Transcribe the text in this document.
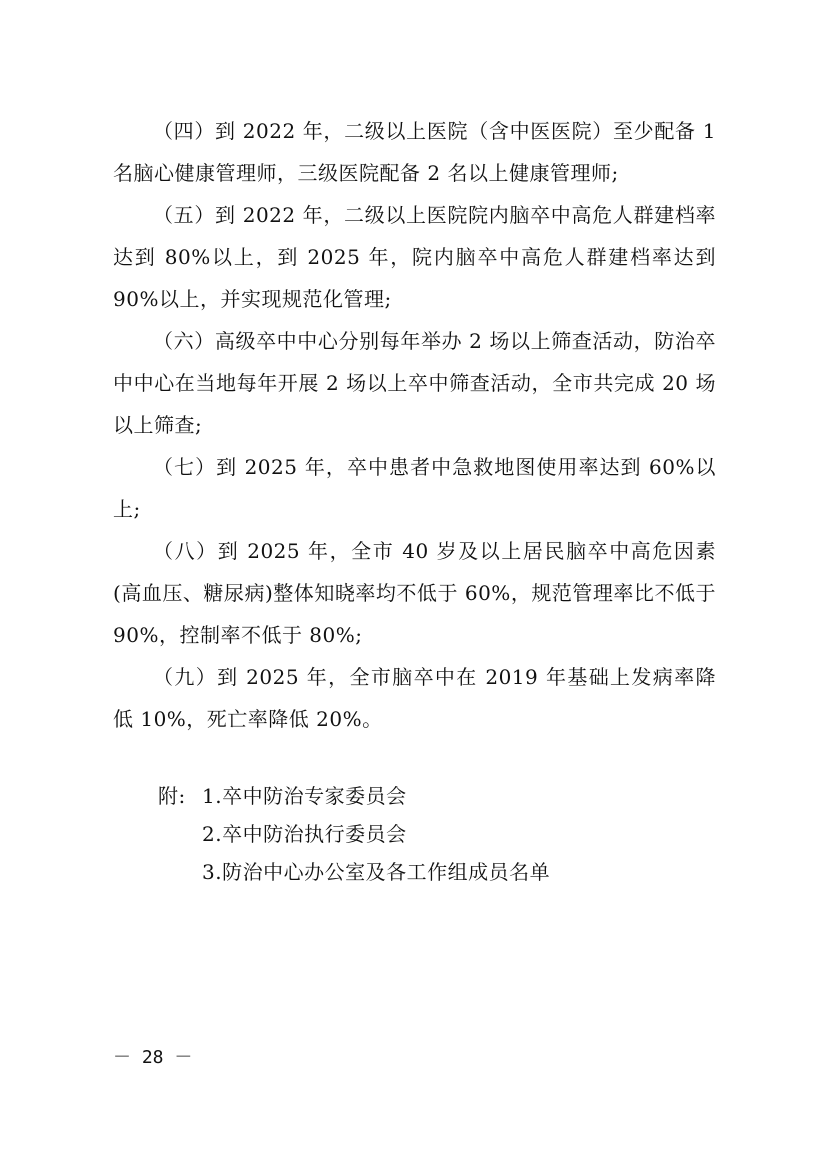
（四）到 2022 年，二级以上医院（含中医医院）至少配备 1 名脑心健康管理师，三级医院配备 2 名以上健康管理师;

（五）到 2022 年，二级以上医院院内脑卒中高危人群建档率达到 80%以上，到 2025 年，院内脑卒中高危人群建档率达到 90%以上，并实现规范化管理;

（六）高级卒中中心分别每年举办 2 场以上筛查活动，防治卒中中心在当地每年开展 2 场以上卒中筛查活动，全市共完成 20 场以上筛查;

（七）到 2025 年，卒中患者中急救地图使用率达到 60%以上;

（八）到 2025 年，全市 40 岁及以上居民脑卒中高危因素(高血压、糖尿病)整体知晓率均不低于 60%，规范管理率比不低于 90%，控制率不低于 80%;

（九）到 2025 年，全市脑卒中在 2019 年基础上发病率降低 10%，死亡率降低 20%。

附: 1.卒中防治专家委员会
2.卒中防治执行委员会
3.防治中心办公室及各工作组成员名单
－ 28 －
